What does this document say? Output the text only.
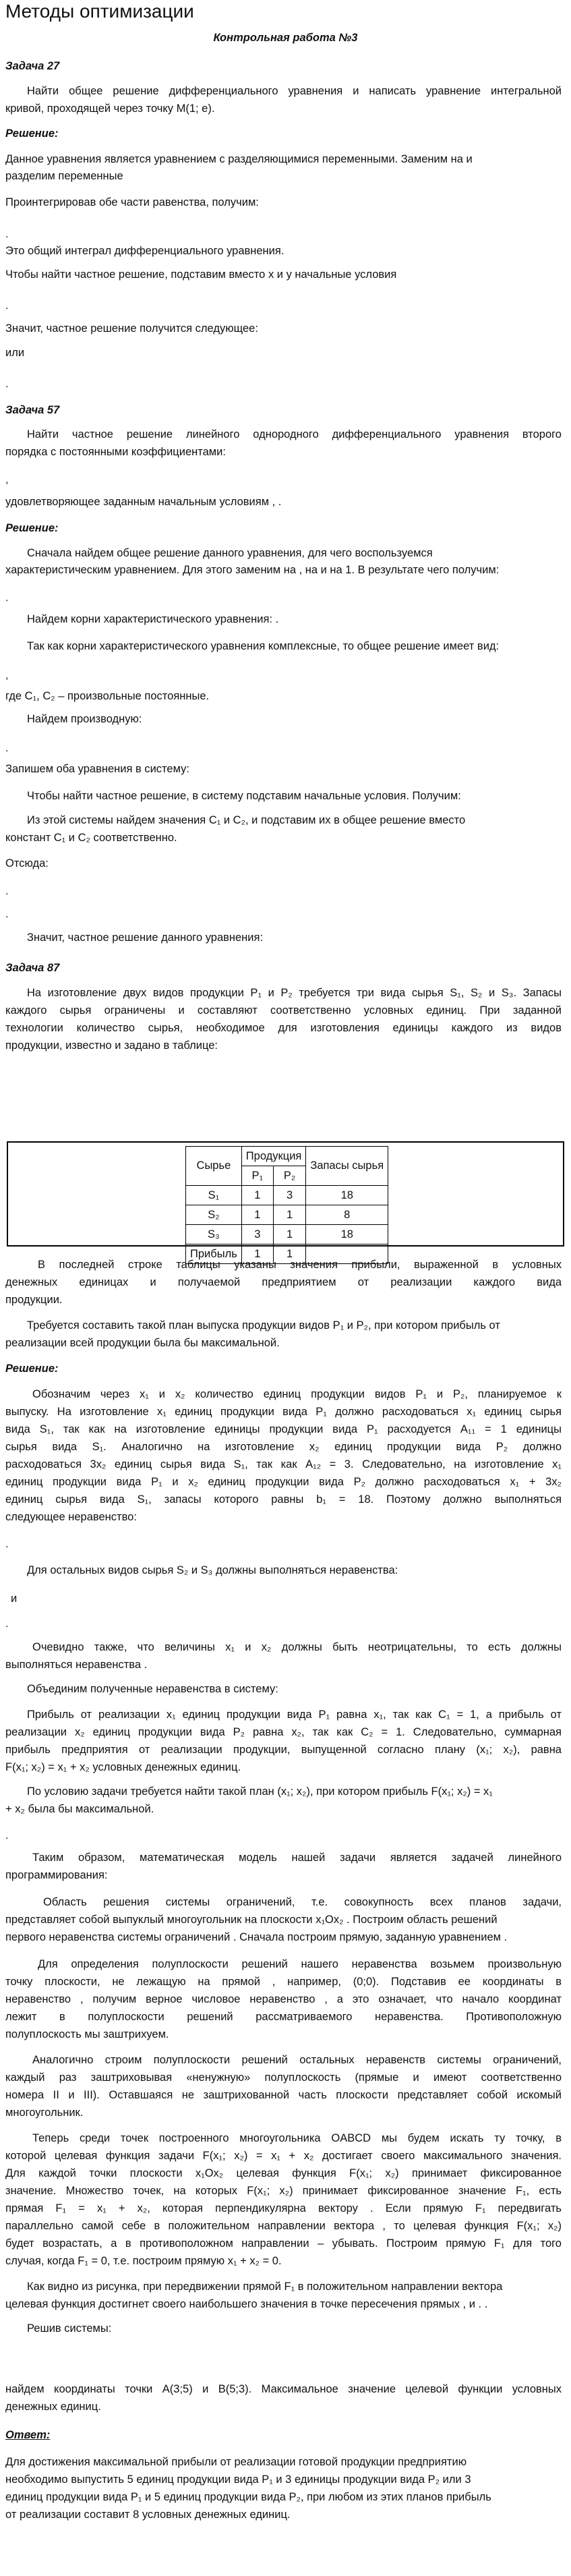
Методы оптимизации
Контрольная работа №3
Задача 27
Найти общее решение дифференциального уравнения и написать уравнение интегральной
кривой, проходящей через точку M(1; e).
Решение:
Данное уравнения является уравнением с разделяющимися переменными. Заменим на и
разделим переменные
Проинтегрировав обе части равенства, получим:
.
Это общий интеграл дифференциального уравнения.
Чтобы найти частное решение, подставим вместо x и y начальные условия
.
Значит, частное решение получится следующее:
или
.
Задача 57
Найти частное решение линейного однородного дифференциального уравнения второго
порядка с постоянными коэффициентами:
,
удовлетворяющее заданным начальным условиям , .
Решение:
Сначала найдем общее решение данного уравнения, для чего воспользуемся
характеристическим уравнением. Для этого заменим на , на и на 1. В результате чего получим:
.
Найдем корни характеристического уравнения: .
Так как корни характеристического уравнения комплексные, то общее решение имеет вид:
,
где C₁, C₂ – произвольные постоянные.
Найдем производную:
.
Запишем оба уравнения в систему:
Чтобы найти частное решение, в систему подставим начальные условия. Получим:
Из этой системы найдем значения C₁ и C₂, и подставим их в общее решение вместо
констант C₁ и C₂ соответственно.
Отсюда:
.
.
Значит, частное решение данного уравнения:
Задача 87
На изготовление двух видов продукции P₁ и P₂ требуется три вида сырья S₁, S₂ и S₃. Запасы
каждого сырья ограничены и составляют соответственно условных единиц. При заданной
технологии количество сырья, необходимое для изготовления единицы каждого из видов
продукции, известно и задано в таблице:
Сырье	Продукция		Запасы сырья
	P₁	P₂	
S₁	1	3	18
S₂	1	1	8
S₃	3	1	18
Прибыль	1	1	
В последней строке таблицы указаны значения прибыли, выраженной в условных
денежных единицах и получаемой предприятием от реализации каждого вида
продукции.
Требуется составить такой план выпуска продукции видов P₁ и P₂, при котором прибыль от
реализации всей продукции была бы максимальной.
Решение:
Обозначим через x₁ и x₂ количество единиц продукции видов P₁ и P₂, планируемое к
выпуску. На изготовление x₁ единиц продукции вида P₁ должно расходоваться x₁ единиц сырья
вида S₁, так как на изготовление единицы продукции вида P₁ расходуется A₁₁ = 1 единицы
сырья вида S₁. Аналогично на изготовление x₂ единиц продукции вида P₂ должно
расходоваться 3x₂ единиц сырья вида S₁, так как A₁₂ = 3. Следовательно, на изготовление x₁
единиц продукции вида P₁ и x₂ единиц продукции вида P₂ должно расходоваться x₁ + 3x₂
единиц сырья вида S₁, запасы которого равны b₁ = 18. Поэтому должно выполняться
следующее неравенство:
.
Для остальных видов сырья S₂ и S₃ должны выполняться неравенства:
и
.
Очевидно также, что величины x₁ и x₂ должны быть неотрицательны, то есть должны
выполняться неравенства .
Объединим полученные неравенства в систему:
Прибыль от реализации x₁ единиц продукции вида P₁ равна x₁, так как C₁ = 1, а прибыль от
реализации x₂ единиц продукции вида P₂ равна x₂, так как C₂ = 1. Следовательно, суммарная
прибыль предприятия от реализации продукции, выпущенной согласно плану (x₁; x₂), равна
F(x₁; x₂) = x₁ + x₂ условных денежных единиц.
По условию задачи требуется найти такой план (x₁; x₂), при котором прибыль F(x₁; x₂) = x₁
+ x₂ была бы максимальной.
.
Таким образом, математическая модель нашей задачи является задачей линейного
программирования:
Область решения системы ограничений, т.е. совокупность всех планов задачи,
представляет собой выпуклый многоугольник на плоскости x₁Ox₂ . Построим область решений
первого неравенства системы ограничений . Сначала построим прямую, заданную уравнением .
Для определения полуплоскости решений нашего неравенства возьмем произвольную
точку плоскости, не лежащую на прямой , например, (0;0). Подставив ее координаты в
неравенство , получим верное числовое неравенство , а это означает, что начало координат
лежит в полуплоскости решений рассматриваемого неравенства. Противоположную
полуплоскость мы заштрихуем.
Аналогично строим полуплоскости решений остальных неравенств системы ограничений,
каждый раз заштриховывая «ненужную» полуплоскость (прямые и имеют соответственно
номера II и III). Оставшаяся не заштрихованной часть плоскости представляет собой искомый
многоугольник.
Теперь среди точек построенного многоугольника OABCD мы будем искать ту точку, в
которой целевая функция задачи F(x₁; x₂) = x₁ + x₂ достигает своего максимального значения.
Для каждой точки плоскости x₁Ox₂ целевая функция F(x₁; x₂) принимает фиксированное
значение. Множество точек, на которых F(x₁; x₂) принимает фиксированное значение F₁, есть
прямая F₁ = x₁ + x₂, которая перпендикулярна вектору . Если прямую F₁ передвигать
параллельно самой себе в положительном направлении вектора , то целевая функция F(x₁; x₂)
будет возрастать, а в противоположном направлении – убывать. Построим прямую F₁ для того
случая, когда F₁ = 0, т.е. построим прямую x₁ + x₂ = 0.
Как видно из рисунка, при передвижении прямой F₁ в положительном направлении вектора
целевая функция достигнет своего наибольшего значения в точке пересечения прямых , и . .
Решив системы:
найдем координаты точки A(3;5) и B(5;3). Максимальное значение целевой функции условных
денежных единиц.
Ответ:
Для достижения максимальной прибыли от реализации готовой продукции предприятию
необходимо выпустить 5 единиц продукции вида P₁ и 3 единицы продукции вида P₂ или 3
единиц продукции вида P₁ и 5 единиц продукции вида P₂, при любом из этих планов прибыль
от реализации составит 8 условных денежных единиц.
